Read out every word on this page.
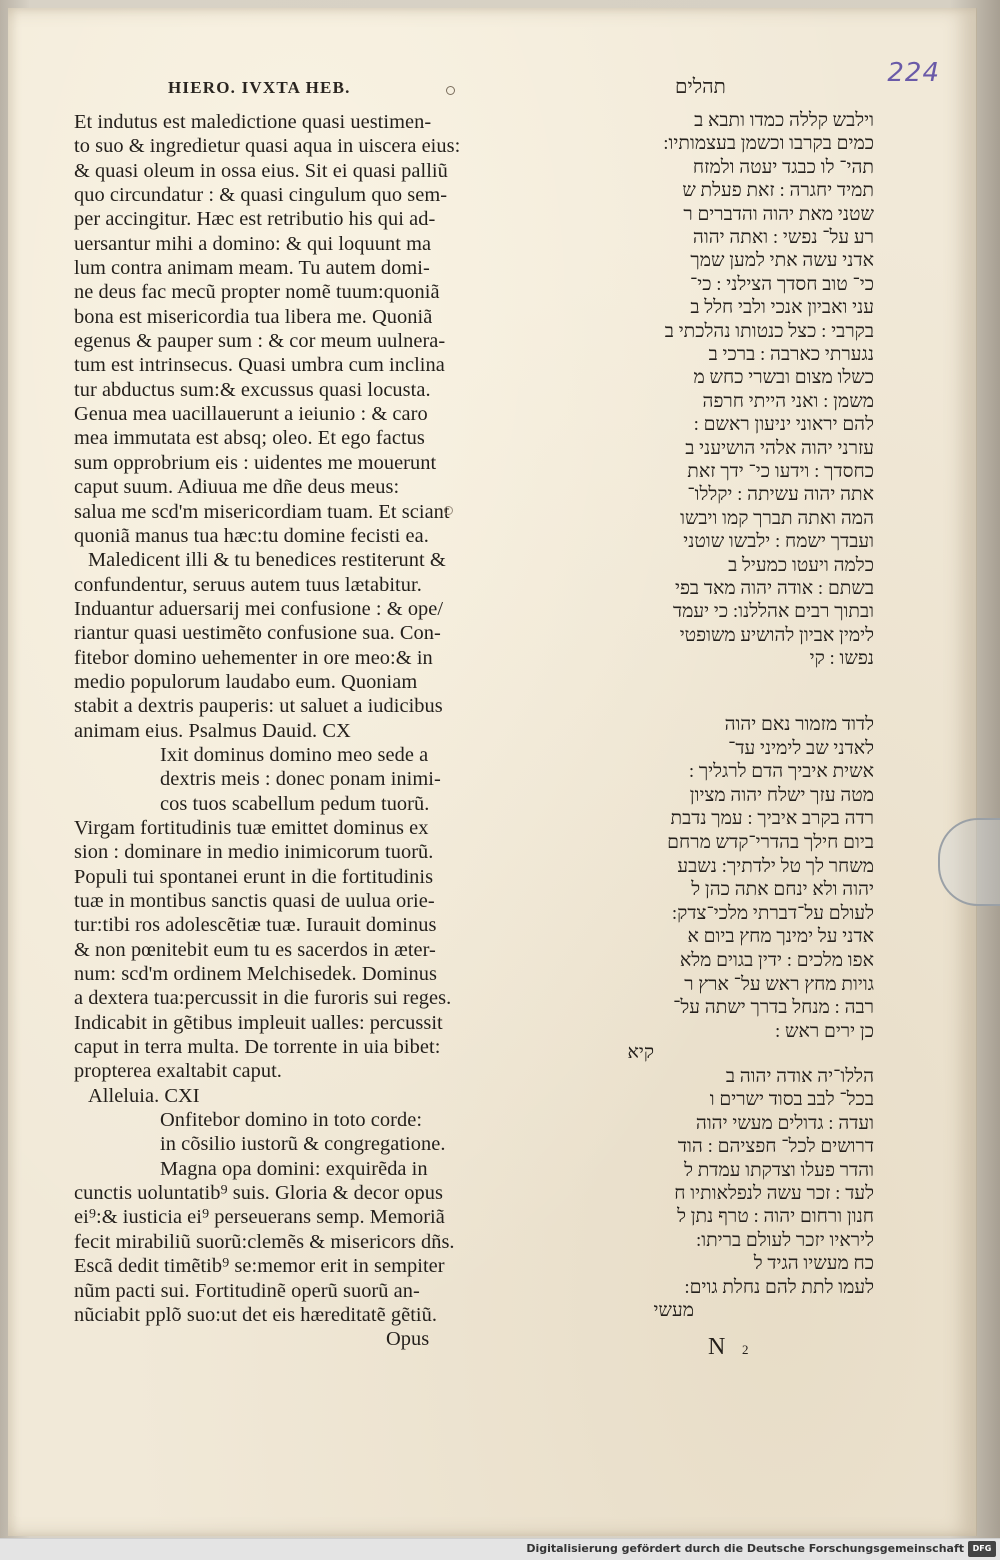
224
HIERO. IVXTA HEB.	תהלים
Et indutus est maledictione quasi uestimen-
to suo & ingredietur quasi aqua in uiscera eius:
& quasi oleum in ossa eius. Sit ei quasi palliũ
quo circundatur : & quasi cingulum quo sem-
per accingitur. Hæc est retributio his qui ad-
uersantur mihi a domino: & qui loquunt ma
lum contra animam meam. Tu autem domi-
ne deus fac mecũ propter nomẽ tuum:quoniã
bona est misericordia tua libera me. Quoniã
egenus & pauper sum : & cor meum uulnera-
tum est intrinsecus. Quasi umbra cum inclina
tur abductus sum:& excussus quasi locusta.
Genua mea uacillauerunt a ieiunio : & caro
mea immutata est absq; oleo. Et ego factus
sum opprobrium eis : uidentes me mouerunt
caput suum. Adiuua me dñe deus meus:
salua me scd'm misericordiam tuam. Et sciant
quoniã manus tua hæc:tu domine fecisti ea.
Maledicent illi & tu benedices restiterunt &
confundentur, seruus autem tuus lætabitur.
Induantur aduersarij mei confusione : & ope/
riantur quasi uestimẽto confusione sua. Con-
fitebor domino uehementer in ore meo:& in
medio populorum laudabo eum. Quoniam
stabit a dextris pauperis: ut saluet a iudicibus
animam eius. Psalmus Dauid. CX
Ixit dominus domino meo sede a
dextris meis : donec ponam inimi-
cos tuos scabellum pedum tuorũ.
Virgam fortitudinis tuæ emittet dominus ex
sion : dominare in medio inimicorum tuorũ.
Populi tui spontanei erunt in die fortitudinis
tuæ in montibus sanctis quasi de uulua orie-
tur:tibi ros adolescẽtiæ tuæ. Iurauit dominus
& non pœnitebit eum tu es sacerdos in æter-
num: scd'm ordinem Melchisedek. Dominus
a dextera tua:percussit in die furoris sui reges.
Indicabit in gẽtibus impleuit ualles: percussit
caput in terra multa. De torrente in uia bibet:
propterea exaltabit caput.
Alleluia. CXI
Onfitebor domino in toto corde:
in cõsilio iustorũ & congregatione.
Magna opa domini: exquirẽda in
cunctis uoluntatib⁹ suis. Gloria & decor opus
ei⁹:& iusticia ei⁹ perseuerans semp. Memoriã
fecit mirabiliũ suorũ:clemẽs & misericors dñs.
Escã dedit timẽtib⁹ se:memor erit in sempiter
nũm pacti sui. Fortitudinẽ operũ suorũ an-
nũciabit pplõ suo:ut det eis hæreditatẽ gẽtiũ.
Opus
וילבש קללה כמדו ותבא ב
כמים בקרבו וכשמן בעצמותיו:
תהי־ לו כבגד יעטה ולמזח
תמיד יחגרה : זאת פעלת ש
שטני מאת יהוה והדברים ר
רע על־ נפשי : ואתה יהוה
אדני עשה אתי למען שמך
כי־ טוב חסדך הצילני : כי־
עני ואביון אנכי ולבי חלל ב
בקרבי : כצל כנטותו נהלכתי ב
נגערתי כארבה : ברכי ב
כשלו מצום ובשרי כחש מ
משמן : ואני הייתי חרפה
להם יראוני יניעון ראשם :
עזרני יהוה אלהי הושיעני ב
כחסדך : וידעו כי־ ידך זאת
אתה יהוה עשיתה : יקללו־
המה ואתה תברך קמו ויבשו
ועבדך ישמח : ילבשו שוטני
כלמה ויעטו כמעיל ב
בשתם : אודה יהוה מאד בפי
ובתוך רבים אהללנו: כי יעמד
לימין אביון להושיע משופטי
נפשו : קי
לדוד מזמור נאם יהוה
לאדני שב לימיני עד־
אשית איביך הדם לרגליך :
מטה עזך ישלח יהוה מציון
רדה בקרב איביך : עמך נדבת
ביום חילך בהדרי־קדש מרחם
משחר לך טל ילדתיך: נשבע
יהוה ולא ינחם אתה כהן ל
לעולם על־דברתי מלכי־צדק:
אדני על ימינך מחץ ביום א
אפו מלכים : ידין בגוים מלא
גויות מחץ ראש על־ ארץ ר
רבה : מנחל בדרך ישתה על־
כן ירים ראש :
קיא
הללו־יה אודה יהוה ב
בכל־ לבב בסוד ישרים ו
ועדה : גדולים מעשי יהוה
דרושים לכל־ חפציהם : הוד
והדר פעלו וצדקתו עמדת ל
לעד : זכר עשה לנפלאותיו ח
חנון ורחום יהוה : טרף נתן ל
ליראיו יזכר לעולם בריתו:
כח מעשיו הגיד ל
לעמו לתת להם נחלת גוים:
מעשי
N 2
Digitalisierung gefördert durch die Deutsche Forschungsgemeinschaft	DFG
